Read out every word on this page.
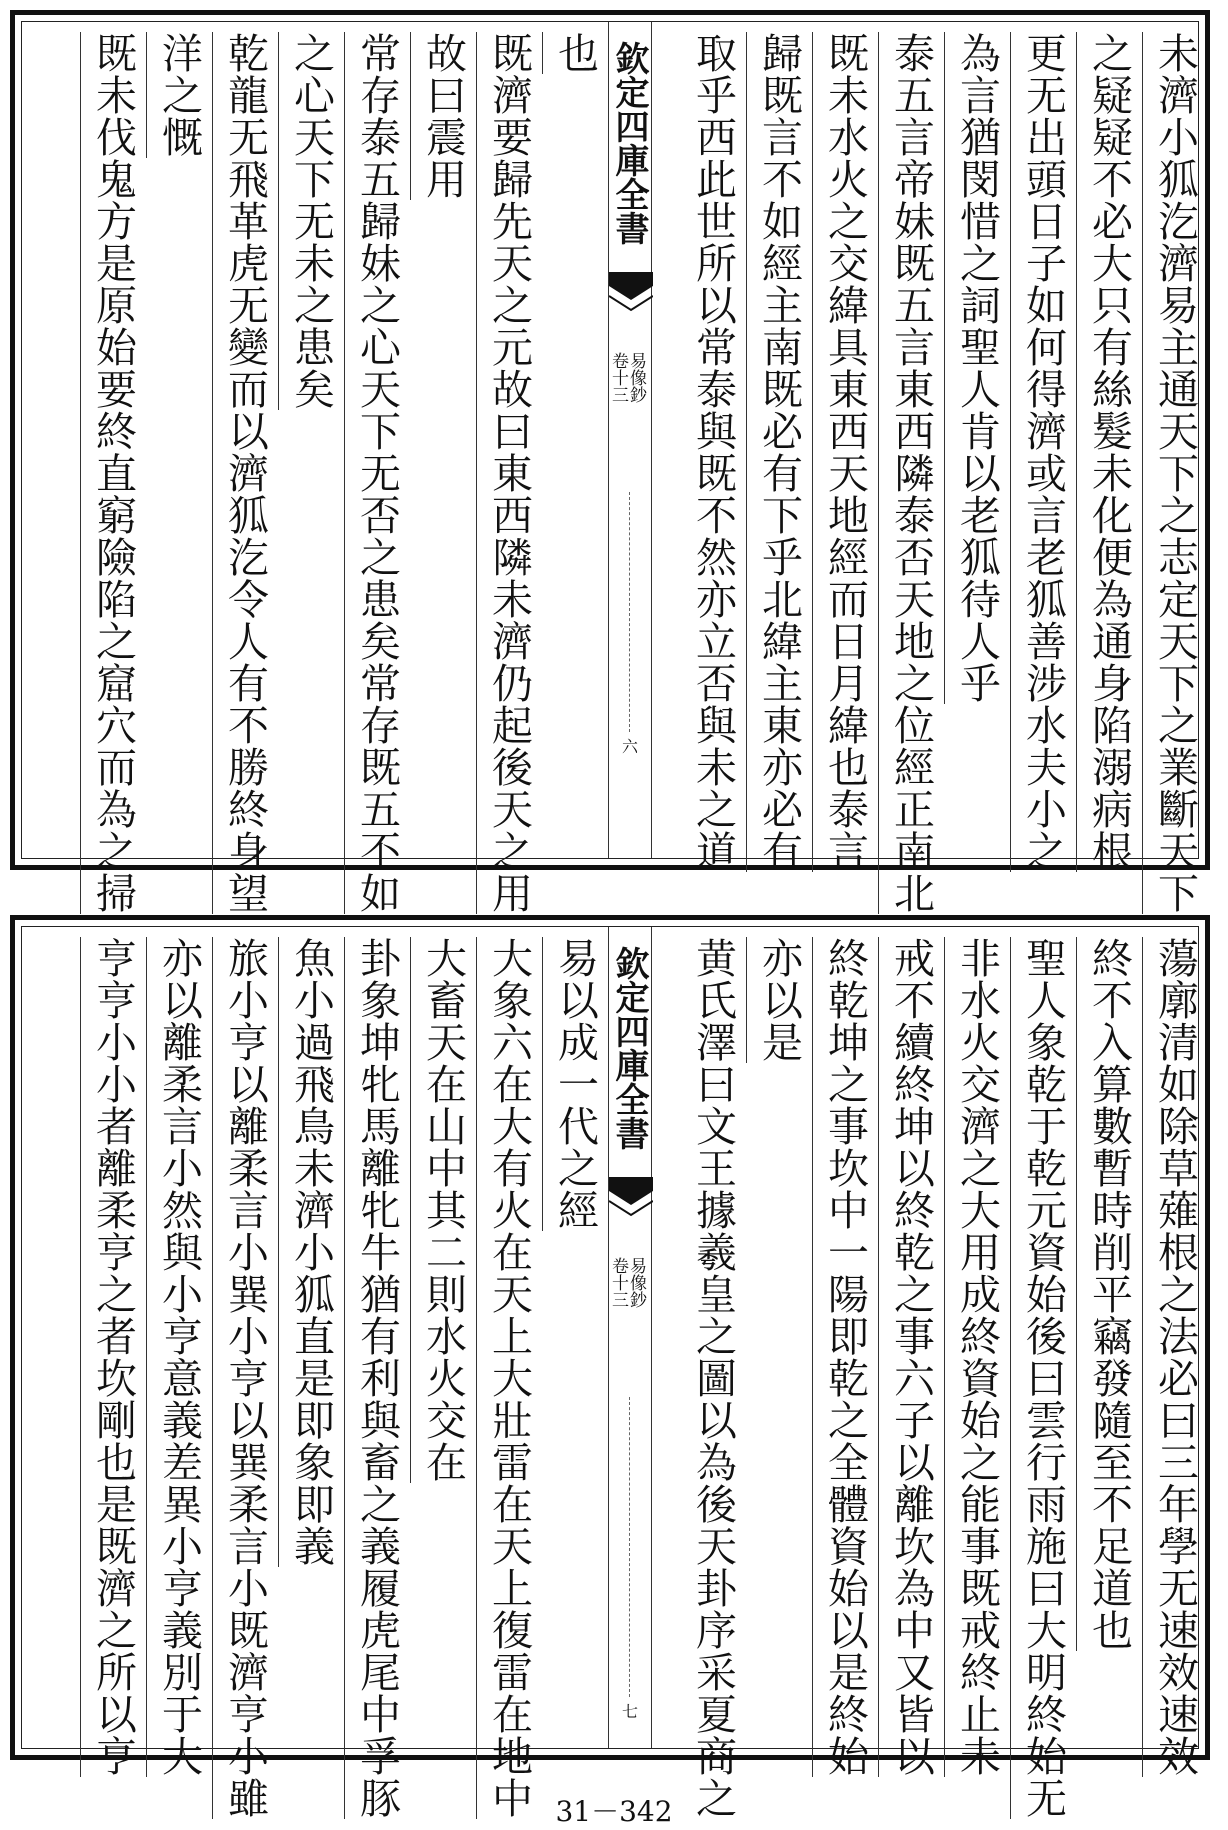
未濟小狐汔濟易主通天下之志定天下之業斷天下
之疑疑不必大只有絲髮未化便為通身陷溺病根
更无出頭日子如何得濟或言老狐善涉水夫小之
為言猶閔惜之詞聖人肯以老狐待人乎
泰五言帝妹既五言東西隣泰否天地之位經正南北
既未水火之交緯具東西天地經而日月緯也泰言
歸既言不如經主南既必有下乎北緯主東亦必有
取乎西此世所以常泰與既不然亦立否與未之道
欽定四庫全書
易像鈔
卷十三
六
也
既濟要歸先天之元故曰東西隣未濟仍起後天之用
故曰震用
常存泰五歸妹之心天下无否之患矣常存既五不如
之心天下无未之患矣
乾龍无飛革虎无變而以濟狐汔令人有不勝終身望
洋之慨
既未伐鬼方是原始要終直窮險陷之窟穴而為之掃
蕩廓清如除草薙根之法必曰三年學无速效速效
終不入算數暫時削平竊發隨至不足道也
聖人象乾于乾元資始後曰雲行雨施曰大明終始无
非水火交濟之大用成終資始之能事既戒終止未
戒不續終坤以終乾之事六子以離坎為中又皆以
終乾坤之事坎中一陽即乾之全體資始以是終始
亦以是
黄氏澤曰文王據羲皇之圖以為後天卦序采夏商之
欽定四庫全書
易像鈔
卷十三
七
易以成一代之經
大象六在大有火在天上大壯雷在天上復雷在地中
大畜天在山中其二則水火交在
卦象坤牝馬離牝牛猶有利與畜之義履虎尾中孚豚
魚小過飛鳥未濟小狐直是即象即義
旅小亨以離柔言小巽小亨以巽柔言小既濟亨小雖
亦以離柔言小然與小亨意義差異小亨義別于大
亨亨小小者離柔亨之者坎剛也是既濟之所以亨
31－342
